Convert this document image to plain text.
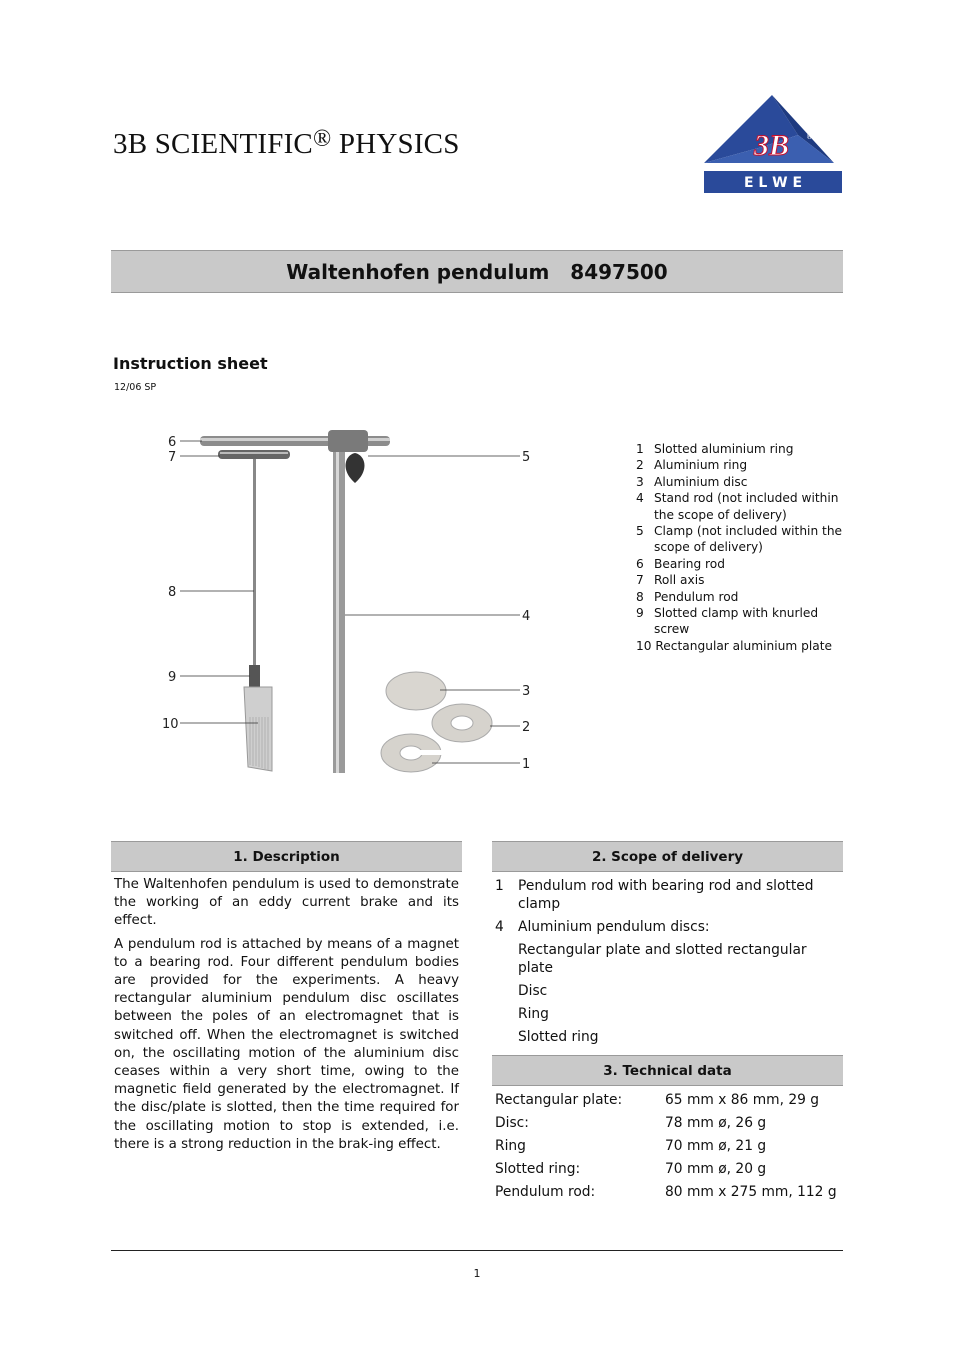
3B SCIENTIFIC® PHYSICS	3B ®
E L W E
Waltenhofen pendulum   8497500
Instruction sheet
12/06 SP
6
7
8
9
10
5
4
3
2
1
1 Slotted aluminium ring
2 Aluminium ring
3 Aluminium disc
4 Stand rod (not included within the scope of delivery)
5 Clamp (not included within the scope of delivery)
6 Bearing rod
7 Roll axis
8 Pendulum rod
9 Slotted clamp with knurled screw
10 Rectangular aluminium plate
1. Description

The Waltenhofen pendulum is used to demonstrate the working of an eddy current brake and its effect.

A pendulum rod is attached by means of a magnet to a bearing rod. Four different pendulum bodies are provided for the experiments. A heavy rectangular aluminium pendulum disc oscillates between the poles of an electromagnet that is switched off. When the electromagnet is switched on, the oscillating motion of the aluminium disc ceases within a very short time, owing to the magnetic field generated by the electromagnet. If the disc/plate is slotted, then the time required for the oscillating motion to stop is extended, i.e. there is a strong reduction in the brak-ing effect.

2. Scope of delivery
1	Pendulum rod with bearing rod and slotted clamp
4	Aluminium pendulum discs:
Rectangular plate and slotted rectangular plate
Disc
Ring
Slotted ring
3. Technical data
Rectangular plate:	65 mm x 86 mm, 29 g
Disc:	78 mm ø, 26 g
Ring	70 mm ø, 21 g
Slotted ring:	70 mm ø, 20 g
Pendulum rod:	80 mm x 275 mm, 112 g
1
